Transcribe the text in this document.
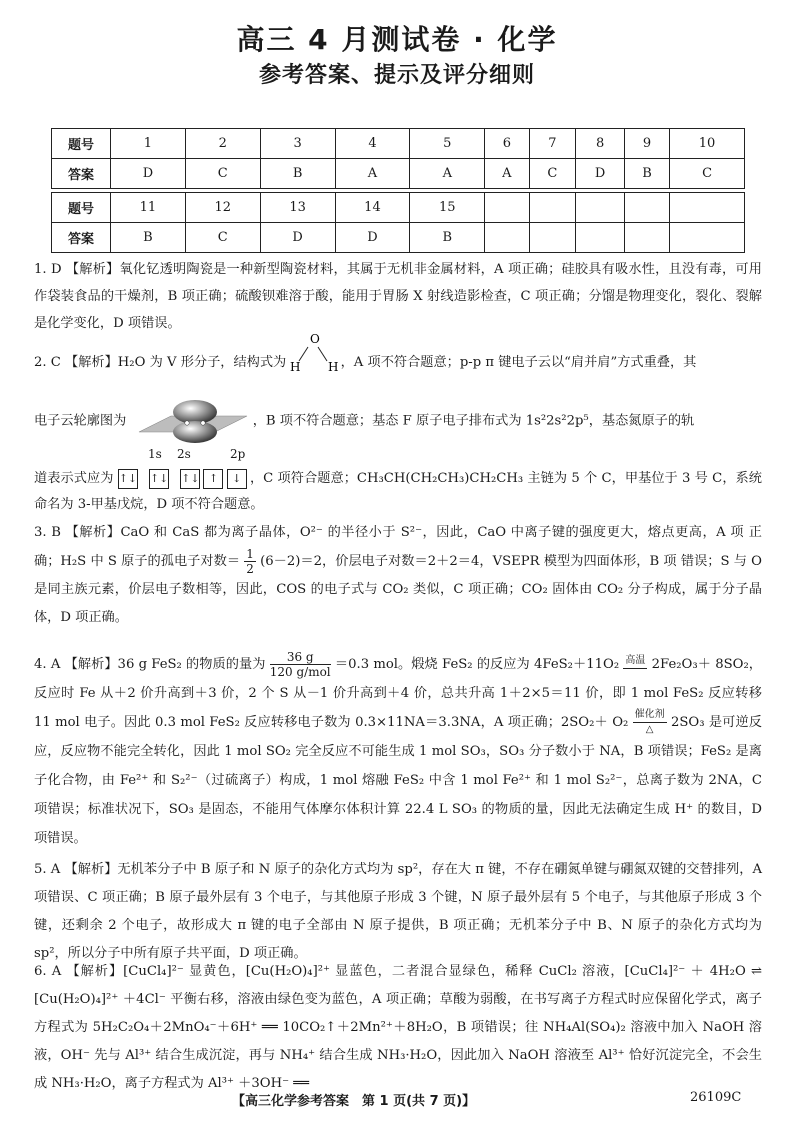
高三 4 月测试卷 · 化学
参考答案、提示及评分细则
题号	1	2	3	4	5	6	7	8	9	10
答案	D	C	B	A	A	A	C	D	B	C

题号	11	12	13	14	15					
答案	B	C	D	D	B					
1. D 【解析】氧化钇透明陶瓷是一种新型陶瓷材料，其属于无机非金属材料，A 项正确；硅胶具有吸水性，且没有毒，可用作袋装食品的干燥剂，B 项正确；硫酸钡难溶于酸，能用于胃肠 X 射线造影检查，C 项正确；分馏是物理变化，裂化、裂解是化学变化，D 项错误。
2. C 【解析】H₂O 为 V 形分子，结构式为
O
H H ，A 项不符合题意；p-p π 键电子云以“肩并肩”方式重叠，其
电子云轮廓图为	，B 项不符合题意；基态 F 原子电子排布式为 1s²2s²2p⁵，基态氮原子的轨
1s 2s	2p
道表示式应为 ↑↓ ↑↓ ↑↓ ↑ ↓ ，C 项符合题意；CH₃CH(CH₂CH₃)CH₂CH₃ 主链为 5 个 C，甲基位于 3 号 C，系统命名为 3-甲基戊烷，D 项不符合题意。
3. B 【解析】CaO 和 CaS 都为离子晶体，O²⁻ 的半径小于 S²⁻，因此，CaO 中离子键的强度更大，熔点更高，A 项 正确；H₂S 中 S 原子的孤电子对数＝ $\frac{1}{2} (6-2)=2$，价层电子对数＝2＋2＝4，VSEPR 模型为四面体形，B 项 错误；S 与 O 是同主族元素，价层电子数相等，因此，COS 的电子式与 CO₂ 类似，C 项正确；CO₂ 固体由 CO₂ 分子构成，属于分子晶体，D 项正确。
4. A 【解析】36 g FeS₂ 的物质的量为 $\frac{36 g}{\text{120 g/mol}} =0.3$ mol。煅烧 FeS₂ 的反应为 4FeS₂＋11O₂ 高温 2Fe₂O₃＋ 8SO₂，反应时 Fe 从＋2 价升高到＋3 价，2 个 S 从－1 价升高到＋4 价，总共升高 1＋2×5＝11 价，即 1 mol FeS₂ 反应转移 11 mol 电子。因此 0.3 mol FeS₂ 反应转移电子数为 0.3×11NA＝3.3NA，A 项正确；$2SO_2+ O_2 \frac{\text{催化剂}}{\triangle} 2SO_3$ 是可逆反应，反应物不能完全转化，因此 1 mol SO₂ 完全反应不可能生成 1 mol SO₃，SO₃ 分子数小于 NA，B 项错误；FeS₂ 是离子化合物，由 Fe²⁺ 和 S₂²⁻（过硫离子）构成，1 mol 熔融 FeS₂ 中含 1 mol Fe²⁺ 和 1 mol S₂²⁻，总离子数为 2NA，C 项错误；标准状况下，SO₃ 是固态，不能用气体摩尔体积计算 22.4 L SO₃ 的物质的量，因此无法确定生成 H⁺ 的数目，D 项错误。
5. A 【解析】无机苯分子中 B 原子和 N 原子的杂化方式均为 sp²，存在大 π 键，不存在硼氮单键与硼氮双键的交替排列，A 项错误、C 项正确；B 原子最外层有 3 个电子，与其他原子形成 3 个键，N 原子最外层有 5 个电子，与其他原子形成 3 个键，还剩余 2 个电子，故形成大 π 键的电子全部由 N 原子提供，B 项正确；无机苯分子中 B、N 原子的杂化方式均为 sp²，所以分子中所有原子共平面，D 项正确。
6. A 【解析】[CuCl₄]²⁻ 显黄色，[Cu(H₂O)₄]²⁺ 显蓝色，二者混合显绿色，稀释 CuCl₂ 溶液，[CuCl₄]²⁻ ＋ 4H₂O ⇌ [Cu(H₂O)₄]²⁺ ＋4Cl⁻ 平衡右移，溶液由绿色变为蓝色，A 项正确；草酸为弱酸，在书写离子方程式时应保留化学式，离子方程式为 5H₂C₂O₄＋2MnO₄⁻＋6H⁺ ══ 10CO₂↑＋2Mn²⁺＋8H₂O，B 项错误；往 NH₄Al(SO₄)₂ 溶液中加入 NaOH 溶液，OH⁻ 先与 Al³⁺ 结合生成沉淀，再与 NH₄⁺ 结合生成 NH₃·H₂O，因此加入 NaOH 溶液至 Al³⁺ 恰好沉淀完全，不会生成 NH₃·H₂O，离子方程式为 Al³⁺ ＋3OH⁻ ══
【高三化学参考答案　第 1 页(共 7 页)】	26109C
